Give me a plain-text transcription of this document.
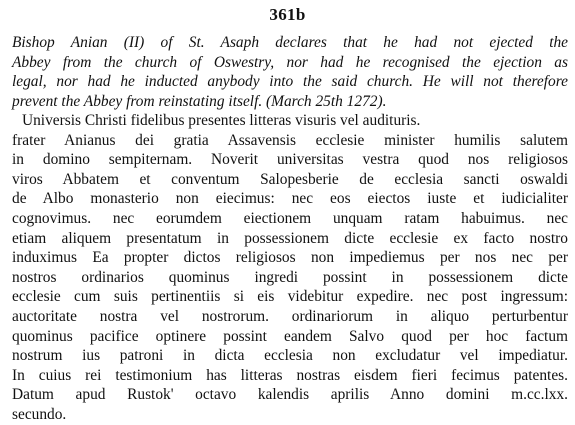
361b
Bishop Anian (II) of St. Asaph declares that he had not ejected the
Abbey from the church of Oswestry, nor had he recognised the ejection as
legal, nor had he inducted anybody into the said church. He will not therefore
prevent the Abbey from reinstating itself. (March 25th 1272).
Universis Christi fidelibus presentes litteras visuris vel audituris.
frater Anianus dei gratia Assavensis ecclesie minister humilis salutem
in domino sempiternam. Noverit universitas vestra quod nos religiosos
viros Abbatem et conventum Salopesberie de ecclesia sancti oswaldi
de Albo monasterio non eiecimus: nec eos eiectos iuste et iudicialiter
cognovimus. nec eorumdem eiectionem unquam ratam habuimus. nec
etiam aliquem presentatum in possessionem dicte ecclesie ex facto nostro
induximus Ea propter dictos religiosos non impediemus per nos nec per
nostros ordinarios quominus ingredi possint in possessionem dicte
ecclesie cum suis pertinentiis si eis videbitur expedire. nec post ingressum:
auctoritate nostra vel nostrorum. ordinariorum in aliquo perturbentur
quominus pacifice optinere possint eandem Salvo quod per hoc factum
nostrum ius patroni in dicta ecclesia non excludatur vel impediatur.
In cuius rei testimonium has litteras nostras eisdem fieri fecimus patentes.
Datum apud Rustok' octavo kalendis aprilis Anno domini m.cc.lxx.
secundo.
